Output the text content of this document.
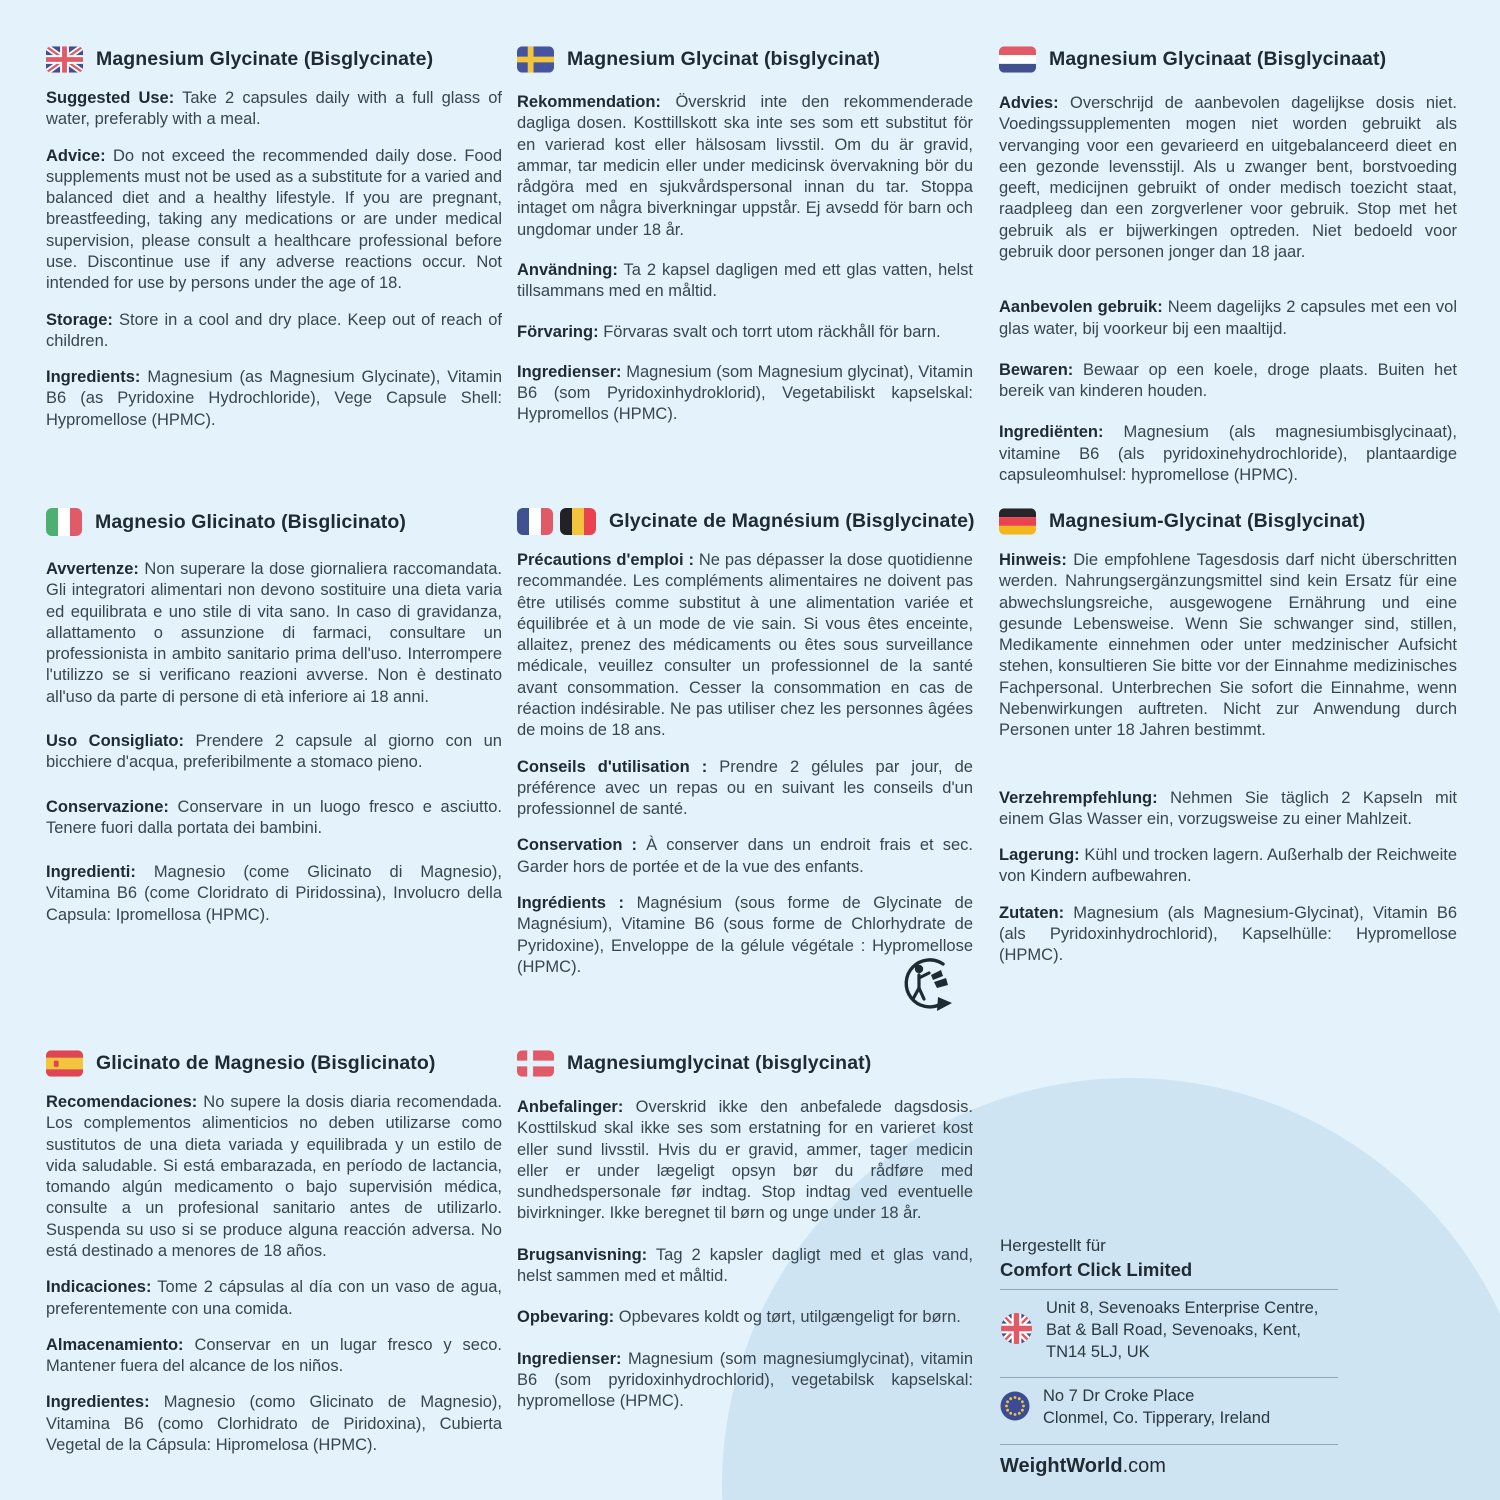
Magnesium Glycinate (Bisglycinate)

Suggested Use: Take 2 capsules daily with a full glass of water, preferably with a meal.

Advice: Do not exceed the recommended daily dose. Food supplements must not be used as a substitute for a varied and balanced diet and a healthy lifestyle. If you are pregnant, breastfeeding, taking any medications or are under medical supervision, please consult a healthcare professional before use. Discontinue use if any adverse reactions occur. Not intended for use by persons under the age of 18.

Storage: Store in a cool and dry place. Keep out of reach of children.

Ingredients: Magnesium (as Magnesium Glycinate), Vitamin B6 (as Pyridoxine Hydrochloride), Vege Capsule Shell: Hypromellose (HPMC).

Magnesium Glycinat (bisglycinat)

Rekommendation: Överskrid inte den rekommenderade dagliga dosen. Kosttillskott ska inte ses som ett substitut för en varierad kost eller hälsosam livsstil. Om du är gravid, ammar, tar medicin eller under medicinsk övervakning bör du rådgöra med en sjukvårdspersonal innan du tar. Stoppa intaget om några biverkningar uppstår. Ej avsedd för barn och ungdomar under 18 år.

Användning: Ta 2 kapsel dagligen med ett glas vatten, helst tillsammans med en måltid.

Förvaring: Förvaras svalt och torrt utom räckhåll för barn.

Ingredienser: Magnesium (som Magnesium glycinat), Vitamin B6 (som Pyridoxinhydroklorid), Vegetabiliskt kapselskal: Hypromellos (HPMC).

Magnesium Glycinaat (Bisglycinaat)

Advies: Overschrijd de aanbevolen dagelijkse dosis niet. Voedingssupplementen mogen niet worden gebruikt als vervanging voor een gevarieerd en uitgebalanceerd dieet en een gezonde levensstijl. Als u zwanger bent, borstvoeding geeft, medicijnen gebruikt of onder medisch toezicht staat, raadpleeg dan een zorgverlener voor gebruik. Stop met het gebruik als er bijwerkingen optreden. Niet bedoeld voor gebruik door personen jonger dan 18 jaar.

Aanbevolen gebruik: Neem dagelijks 2 capsules met een vol glas water, bij voorkeur bij een maaltijd.

Bewaren: Bewaar op een koele, droge plaats. Buiten het bereik van kinderen houden.

Ingrediënten: Magnesium (als magnesiumbisglycinaat), vitamine B6 (als pyridoxinehydrochloride), plantaardige capsuleomhulsel: hypromellose (HPMC).

Magnesio Glicinato (Bisglicinato)

Avvertenze: Non superare la dose giornaliera raccomandata. Gli integratori alimentari non devono sostituire una dieta varia ed equilibrata e uno stile di vita sano. In caso di gravidanza, allattamento o assunzione di farmaci, consultare un professionista in ambito sanitario prima dell'uso. Interrompere l'utilizzo se si verificano reazioni avverse. Non è destinato all'uso da parte di persone di età inferiore ai 18 anni.

Uso Consigliato: Prendere 2 capsule al giorno con un bicchiere d'acqua, preferibilmente a stomaco pieno.

Conservazione: Conservare in un luogo fresco e asciutto. Tenere fuori dalla portata dei bambini.

Ingredienti: Magnesio (come Glicinato di Magnesio), Vitamina B6 (come Cloridrato di Piridossina), Involucro della Capsula: Ipromellosa (HPMC).

Glycinate de Magnésium (Bisglycinate)

Précautions d'emploi : Ne pas dépasser la dose quotidienne recommandée. Les compléments alimentaires ne doivent pas être utilisés comme substitut à une alimentation variée et équilibrée et à un mode de vie sain. Si vous êtes enceinte, allaitez, prenez des médicaments ou êtes sous surveillance médicale, veuillez consulter un professionnel de la santé avant consommation. Cesser la consommation en cas de réaction indésirable. Ne pas utiliser chez les personnes âgées de moins de 18 ans.

Conseils d'utilisation : Prendre 2 gélules par jour, de préférence avec un repas ou en suivant les conseils d'un professionnel de santé.

Conservation : À conserver dans un endroit frais et sec. Garder hors de portée et de la vue des enfants.

Ingrédients : Magnésium (sous forme de Glycinate de Magnésium), Vitamine B6 (sous forme de Chlorhydrate de Pyridoxine), Enveloppe de la gélule végétale : Hypromellose (HPMC).

Magnesium-Glycinat (Bisglycinat)

Hinweis: Die empfohlene Tagesdosis darf nicht überschritten werden. Nahrungsergänzungsmittel sind kein Ersatz für eine abwechslungsreiche, ausgewogene Ernährung und eine gesunde Lebensweise. Wenn Sie schwanger sind, stillen, Medikamente einnehmen oder unter medzinischer Aufsicht stehen, konsultieren Sie bitte vor der Einnahme medizinisches Fachpersonal. Unterbrechen Sie sofort die Einnahme, wenn Nebenwirkungen auftreten. Nicht zur Anwendung durch Personen unter 18 Jahren bestimmt.

Verzehrempfehlung: Nehmen Sie täglich 2 Kapseln mit einem Glas Wasser ein, vorzugsweise zu einer Mahlzeit.

Lagerung: Kühl und trocken lagern. Außerhalb der Reichweite von Kindern aufbewahren.

Zutaten: Magnesium (als Magnesium-Glycinat), Vitamin B6 (als Pyridoxinhydrochlorid), Kapselhülle: Hypromellose (HPMC).

Glicinato de Magnesio (Bisglicinato)

Recomendaciones: No supere la dosis diaria recomendada. Los complementos alimenticios no deben utilizarse como sustitutos de una dieta variada y equilibrada y un estilo de vida saludable. Si está embarazada, en período de lactancia, tomando algún medicamento o bajo supervisión médica, consulte a un profesional sanitario antes de utilizarlo. Suspenda su uso si se produce alguna reacción adversa. No está destinado a menores de 18 años.

Indicaciones: Tome 2 cápsulas al día con un vaso de agua, preferentemente con una comida.

Almacenamiento: Conservar en un lugar fresco y seco. Mantener fuera del alcance de los niños.

Ingredientes: Magnesio (como Glicinato de Magnesio), Vitamina B6 (como Clorhidrato de Piridoxina), Cubierta Vegetal de la Cápsula: Hipromelosa (HPMC).

Magnesiumglycinat (bisglycinat)

Anbefalinger: Overskrid ikke den anbefalede dagsdosis. Kosttilskud skal ikke ses som erstatning for en varieret kost eller sund livsstil. Hvis du er gravid, ammer, tager medicin eller er under lægeligt opsyn bør du rådføre med sundhedspersonale før indtag. Stop indtag ved eventuelle bivirkninger. Ikke beregnet til børn og unge under 18 år.

Brugsanvisning: Tag 2 kapsler dagligt med et glas vand, helst sammen med et måltid.

Opbevaring: Opbevares koldt og tørt, utilgængeligt for børn.

Ingredienser: Magnesium (som magnesiumglycinat), vitamin B6 (som pyridoxinhydrochlorid), vegetabilsk kapselskal: hypromellose (HPMC).

Hergestellt für
Comfort Click Limited
Unit 8, Sevenoaks Enterprise Centre,
Bat & Ball Road, Sevenoaks, Kent,
TN14 5LJ, UK
No 7 Dr Croke Place
Clonmel, Co. Tipperary, Ireland
WeightWorld.com
